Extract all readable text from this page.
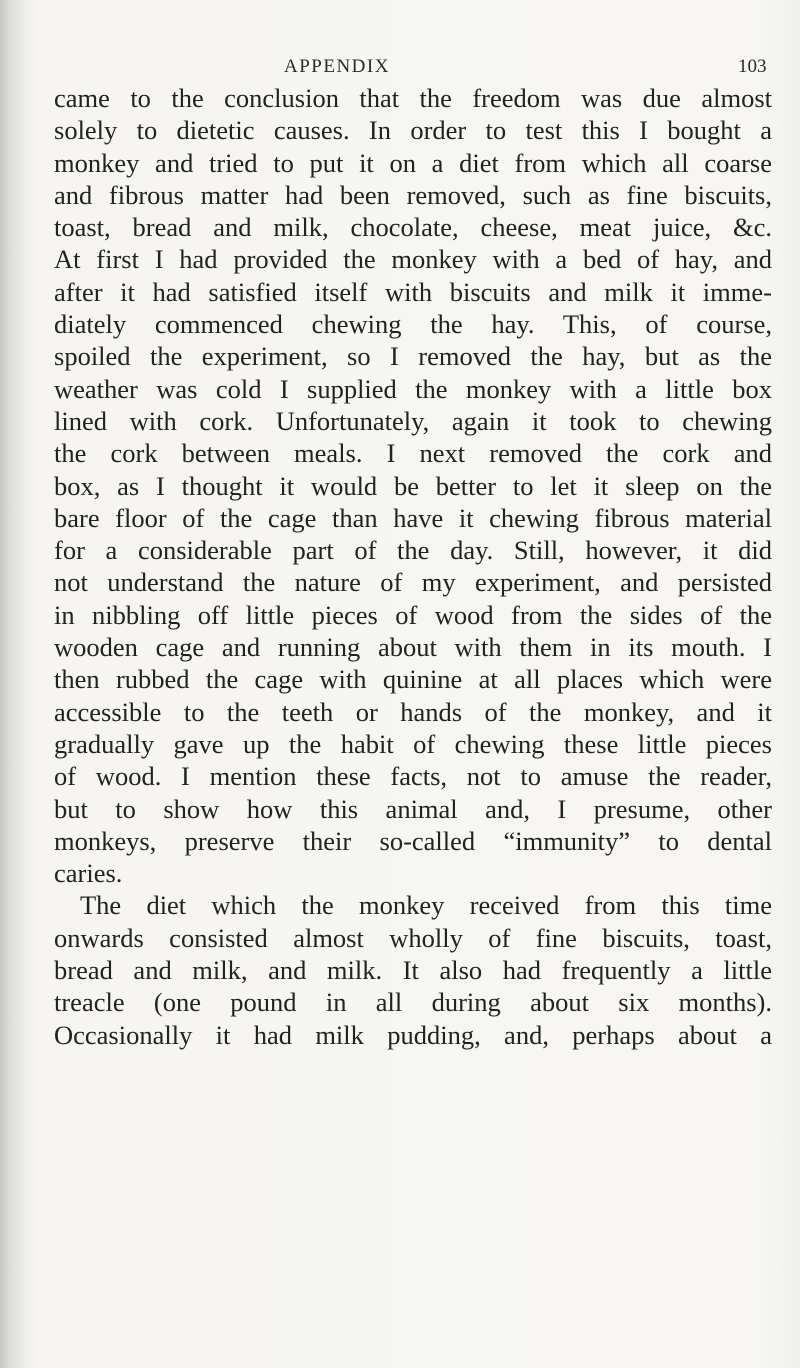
APPENDIX	103
came to the conclusion that the freedom was due almost
solely to dietetic causes. In order to test this I bought a
monkey and tried to put it on a diet from which all coarse
and fibrous matter had been removed, such as fine biscuits,
toast, bread and milk, chocolate, cheese, meat juice, &c.
At first I had provided the monkey with a bed of hay, and
after it had satisfied itself with biscuits and milk it imme-
diately commenced chewing the hay. This, of course,
spoiled the experiment, so I removed the hay, but as the
weather was cold I supplied the monkey with a little box
lined with cork. Unfortunately, again it took to chewing
the cork between meals. I next removed the cork and
box, as I thought it would be better to let it sleep on the
bare floor of the cage than have it chewing fibrous material
for a considerable part of the day. Still, however, it did
not understand the nature of my experiment, and persisted
in nibbling off little pieces of wood from the sides of the
wooden cage and running about with them in its mouth. I
then rubbed the cage with quinine at all places which were
accessible to the teeth or hands of the monkey, and it
gradually gave up the habit of chewing these little pieces
of wood. I mention these facts, not to amuse the reader,
but to show how this animal and, I presume, other
monkeys, preserve their so-called “immunity” to dental
caries.
The diet which the monkey received from this time
onwards consisted almost wholly of fine biscuits, toast,
bread and milk, and milk. It also had frequently a little
treacle (one pound in all during about six months).
Occasionally it had milk pudding, and, perhaps about a
